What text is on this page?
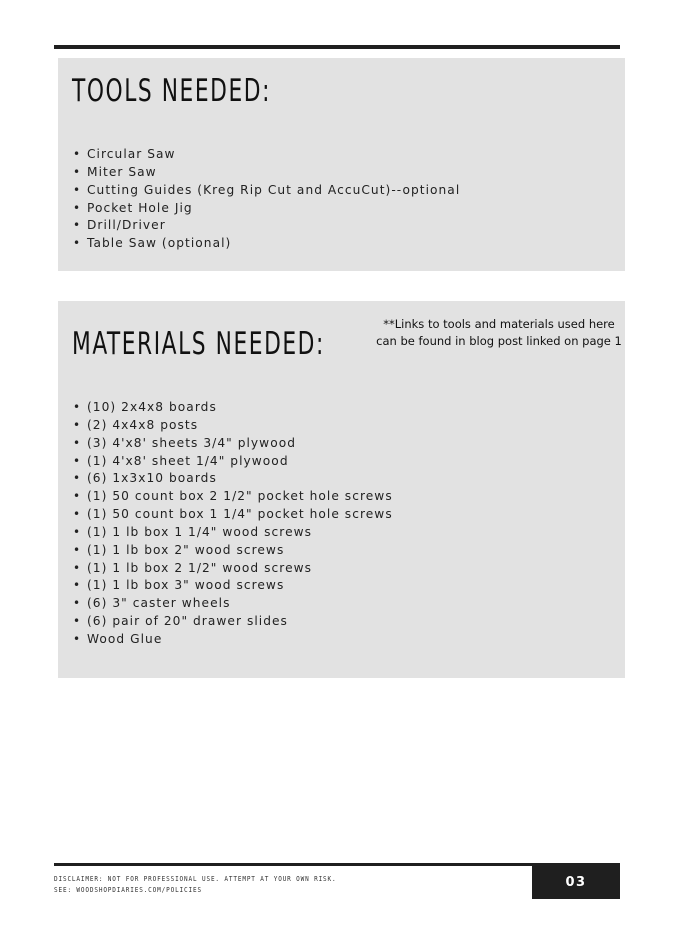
TOOLS NEEDED:
• Circular Saw
• Miter Saw
• Cutting Guides (Kreg Rip Cut and AccuCut)--optional
• Pocket Hole Jig
• Drill/Driver
• Table Saw (optional)
MATERIALS NEEDED:
**Links to tools and materials used here
can be found in blog post linked on page 1
• (10) 2x4x8 boards
• (2) 4x4x8 posts
• (3) 4'x8' sheets 3/4" plywood
• (1) 4'x8' sheet 1/4" plywood
• (6) 1x3x10 boards
• (1) 50 count box 2 1/2" pocket hole screws
• (1) 50 count box 1 1/4" pocket hole screws
• (1) 1 lb box 1 1/4" wood screws
• (1) 1 lb box 2" wood screws
• (1) 1 lb box 2 1/2" wood screws
• (1) 1 lb box 3" wood screws
• (6) 3" caster wheels
• (6) pair of 20" drawer slides
• Wood Glue
DISCLAIMER: NOT FOR PROFESSIONAL USE. ATTEMPT AT YOUR OWN RISK.
SEE: WOODSHOPDIARIES.COM/POLICIES	03
